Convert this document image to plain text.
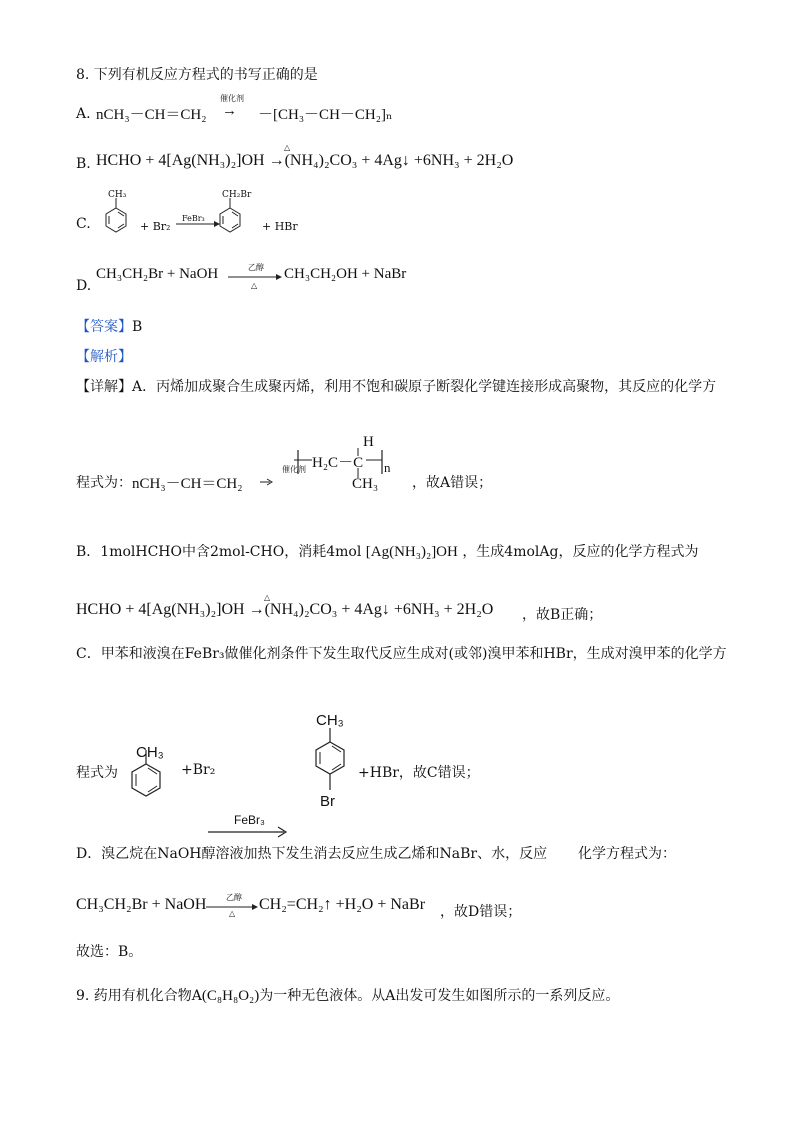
8. 下列有机反应方程式的书写正确的是
A. nCH₃－CH＝CH₂
催化剂
→ －[CH₃－CH－CH₂]ₙ
B.
△
HCHO + 4[Ag(NH₃)₂]OH →(NH₄)₂CO₃ + 4Ag↓ +6NH₃ + 2H₂O
C.
CH₃
+ Br₂
FeBr₃
CH₂Br
+ HBr
D.
CH₃CH₂Br + NaOH	乙醇
△
CH₃CH₂OH + NaBr
【答案】B
【解析】
【详解】A．丙烯加成聚合生成聚丙烯，利用不饱和碳原子断裂化学键连接形成高聚物，其反应的化学方
程式为： nCH₃－CH＝CH₂
催化剂
H
H₂C－C n
CH₃ ，故A错误；
B．1molHCHO中含2mol-CHO，消耗4mol [Ag(NH₃)₂]OH ，生成4molAg，反应的化学方程式为
△
HCHO + 4[Ag(NH₃)₂]OH →(NH₄)₂CO₃ + 4Ag↓ +6NH₃ + 2H₂O ，故B正确；
C．甲苯和液溴在FeBr₃做催化剂条件下发生取代反应生成对(或邻)溴甲苯和HBr，生成对溴甲苯的化学方
程式为
CH₃
+Br₂
FeBr₃
CH₃
Br
+HBr，故C错误；
D．溴乙烷在NaOH醇溶液加热下发生消去反应生成乙烯和NaBr、水，反应 化学方程式为：
CH₃CH₂Br + NaOH 乙醇
△
CH₂=CH₂↑ +H₂O + NaBr ，故D错误；
故选：B。
9. 药用有机化合物A(C₈H₈O₂)为一种无色液体。从A出发可发生如图所示的一系列反应。
